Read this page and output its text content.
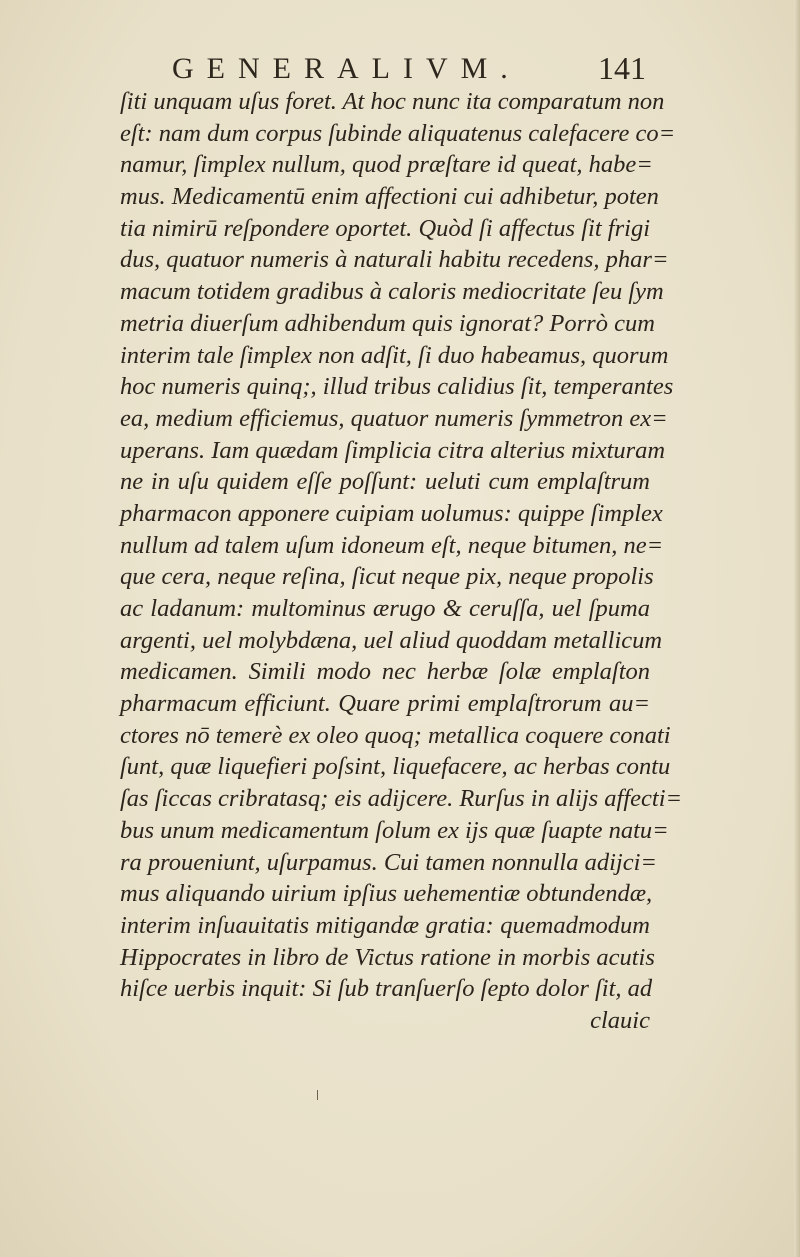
GENERALIVM. 141
ſiti unquam uſus foret. At hoc nunc ita comparatum non
eſt: nam dum corpus ſubinde aliquatenus calefacere co=
namur, ſimplex nullum, quod præſtare id queat, habe=
mus. Medicamentū enim affectioni cui adhibetur, poten
tia nimirū reſpondere oportet. Quòd ſi affectus ſit frigi
dus, quatuor numeris à naturali habitu recedens, phar=
macum totidem gradibus à caloris mediocritate ſeu ſym
metria diuerſum adhibendum quis ignorat? Porrò cum
interim tale ſimplex non adſit, ſi duo habeamus, quorum
hoc numeris quinq;, illud tribus calidius ſit, temperantes
ea, medium efficiemus, quatuor numeris ſymmetron ex=
uperans. Iam quædam ſimplicia citra alterius mixturam
ne in uſu quidem eſſe poſſunt: ueluti cum emplaſtrum
pharmacon apponere cuipiam uolumus: quippe ſimplex
nullum ad talem uſum idoneum eſt, neque bitumen, ne=
que cera, neque reſina, ſicut neque pix, neque propolis
ac ladanum: multominus ærugo & ceruſſa, uel ſpuma
argenti, uel molybdæna, uel aliud quoddam metallicum
medicamen. Simili modo nec herbæ ſolæ emplaſton
pharmacum efficiunt. Quare primi emplaſtrorum au=
ctores nō temerè ex oleo quoq; metallica coquere conati
ſunt, quæ liquefieri poſsint, liquefacere, ac herbas contu
ſas ſiccas cribratasq; eis adijcere. Rurſus in alijs affecti=
bus unum medicamentum ſolum ex ijs quæ ſuapte natu=
ra proueniunt, uſurpamus. Cui tamen nonnulla adijci=
mus aliquando uirium ipſius uehementiæ obtundendæ,
interim inſuauitatis mitigandæ gratia: quemadmodum
Hippocrates in libro de Victus ratione in morbis acutis
hiſce uerbis inquit: Si ſub tranſuerſo ſepto dolor ſit, ad
clauic
